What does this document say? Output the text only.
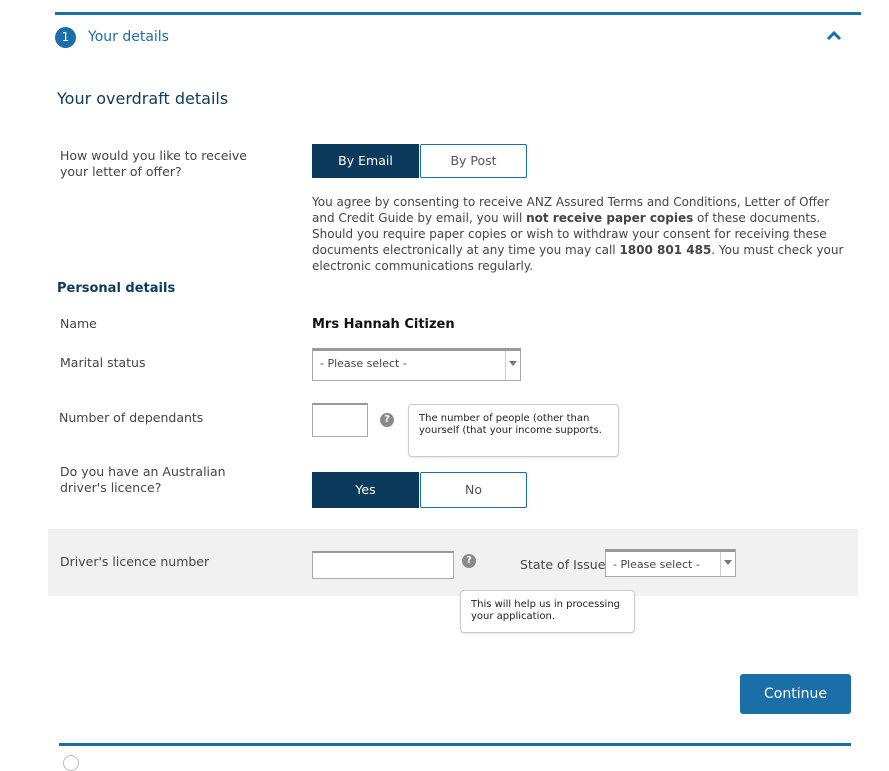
1	Your details
Your overdraft details
How would you like to receive your letter of offer?
By Email	By Post
You agree by consenting to receive ANZ Assured Terms and Conditions, Letter of Offer and Credit Guide by email, you will not receive paper copies of these documents. Should you require paper copies or wish to withdraw your consent for receiving these documents electronically at any time you may call 1800 801 485. You must check your electronic communications regularly.
Personal details
Name	Mrs Hannah Citizen
Marital status	- Please select -
Number of dependants	?	The number of people (other than yourself (that your income supports.
Do you have an Australian driver's licence?	Yes	No
Driver's licence number	?	State of Issue - Please select -
This will help us in processing your application.
Continue
